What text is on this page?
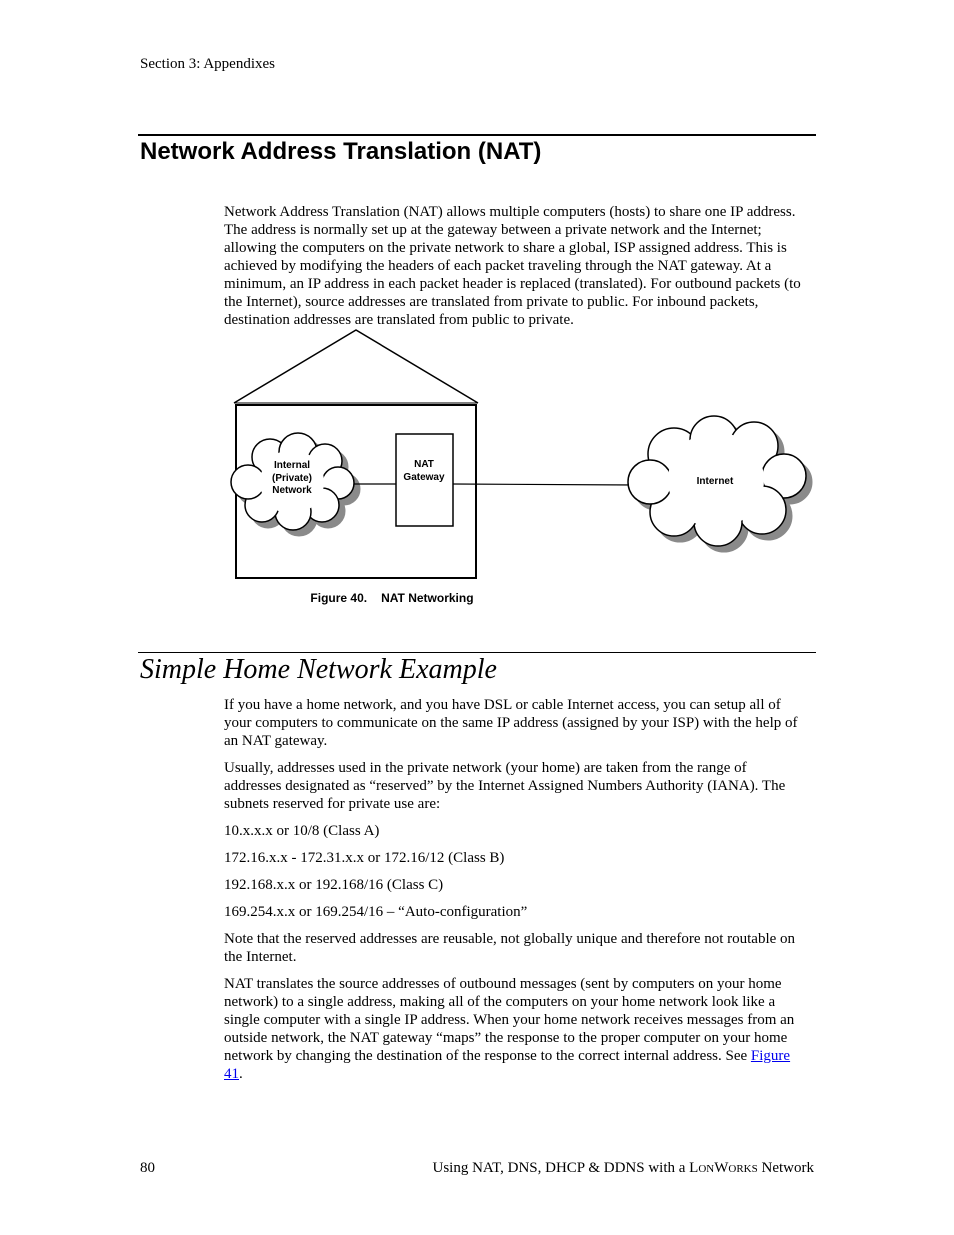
Section 3: Appendixes
Network Address Translation (NAT)

Network Address Translation (NAT) allows multiple computers (hosts) to share one IP address. The address is normally set up at the gateway between a private network and the Internet; allowing the computers on the private network to share a global, ISP assigned address. This is achieved by modifying the headers of each packet traveling through the NAT gateway. At a minimum, an IP address in each packet header is replaced (translated). For outbound packets (to the Internet), source addresses are translated from private to public. For inbound packets, destination addresses are translated from public to private.

Internal
(Private)
Network
NAT
Gateway	Internet
Figure 40. NAT Networking
Simple Home Network Example

If you have a home network, and you have DSL or cable Internet access, you can setup all of your computers to communicate on the same IP address (assigned by your ISP) with the help of an NAT gateway.

Usually, addresses used in the private network (your home) are taken from the range of addresses designated as “reserved” by the Internet Assigned Numbers Authority (IANA). The subnets reserved for private use are:

10.x.x.x or 10/8 (Class A)

172.16.x.x - 172.31.x.x or 172.16/12 (Class B)

192.168.x.x or 192.168/16 (Class C)

169.254.x.x or 169.254/16 – “Auto-configuration”

Note that the reserved addresses are reusable, not globally unique and therefore not routable on the Internet.

NAT translates the source addresses of outbound messages (sent by computers on your home network) to a single address, making all of the computers on your home network look like a single computer with a single IP address. When your home network receives messages from an outside network, the NAT gateway “maps” the response to the proper computer on your home network by changing the destination of the response to the correct internal address. See Figure 41.

80	Using NAT, DNS, DHCP & DDNS with a LONWORKS Network
